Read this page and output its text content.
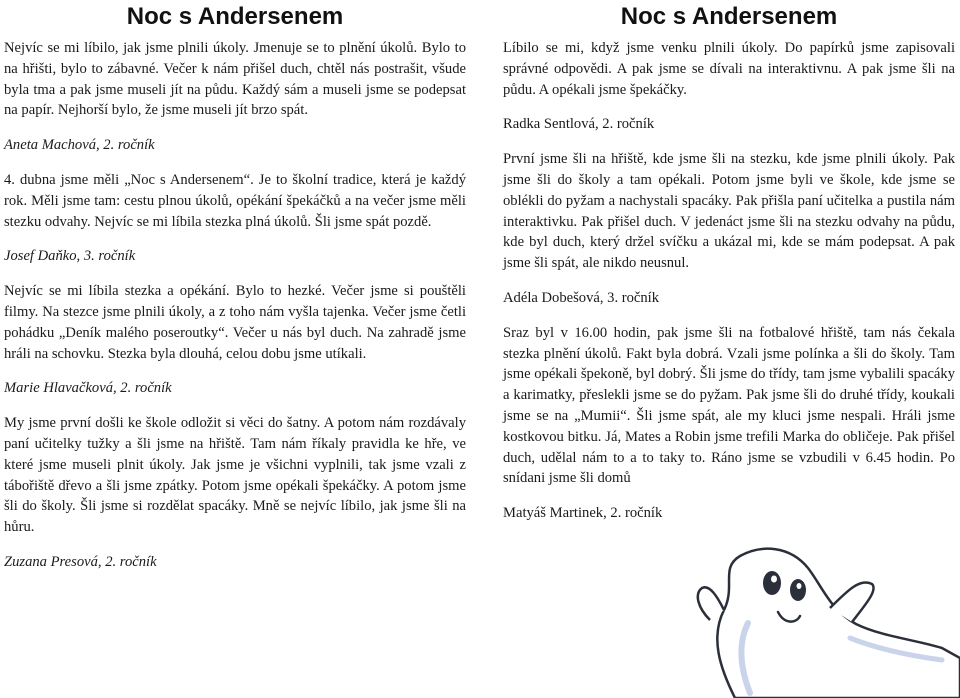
Noc s Andersenem

Nejvíc se mi líbilo, jak jsme plnili úkoly. Jmenuje se to plnění úkolů. Bylo to na hřišti, bylo to zábavné. Večer k nám přišel duch, chtěl nás postrašit, všude byla tma a pak jsme museli jít na půdu. Každý sám a museli jsme se podepsat na papír. Nejhorší bylo, že jsme museli jít brzo spát.

Aneta Machová, 2. ročník

4. dubna jsme měli „Noc s Andersenem“. Je to školní tradice, která je každý rok. Měli jsme tam: cestu plnou úkolů, opékání špekáčků a na večer jsme měli stezku odvahy. Nejvíc se mi líbila stezka plná úkolů. Šli jsme spát pozdě.

Josef Daňko, 3. ročník

Nejvíc se mi líbila stezka a opékání. Bylo to hezké. Večer jsme si pouštěli filmy. Na stezce jsme plnili úkoly, a z toho nám vyšla tajenka. Večer jsme četli pohádku „Deník malého poseroutky“. Večer u nás byl duch. Na zahradě jsme hráli na schovku. Stezka byla dlouhá, celou dobu jsme utíkali.

Marie Hlavačková, 2. ročník

My jsme první došli ke škole odložit si věci do šatny. A potom nám rozdávaly paní učitelky tužky a šli jsme na hřiště. Tam nám říkaly pravidla ke hře, ve které jsme museli plnit úkoly. Jak jsme je všichni vyplnili, tak jsme vzali z tábořiště dřevo a šli jsme zpátky. Potom jsme opékali špekáčky. A potom jsme šli do školy. Šli jsme si rozdělat spacáky. Mně se nejvíc líbilo, jak jsme šli na hůru.

Zuzana Presová, 2. ročník

Noc s Andersenem

Líbilo se mi, když jsme venku plnili úkoly. Do papírků jsme zapisovali správné odpovědi. A pak jsme se dívali na interaktivnu. A pak jsme šli na půdu. A opékali jsme špekáčky.

Radka Sentlová, 2. ročník

První jsme šli na hřiště, kde jsme šli na stezku, kde jsme plnili úkoly. Pak jsme šli do školy a tam opékali. Potom jsme byli ve škole, kde jsme se oblékli do pyžam a nachystali spacáky. Pak přišla paní učitelka a pustila nám interaktivku. Pak přišel duch. V jedenáct jsme šli na stezku odvahy na půdu, kde byl duch, který držel svíčku a ukázal mi, kde se mám podepsat. A pak jsme šli spát, ale nikdo neusnul.

Adéla Dobešová, 3. ročník

Sraz byl v 16.00 hodin, pak jsme šli na fotbalové hřiště, tam nás čekala stezka plnění úkolů. Fakt byla dobrá. Vzali jsme polínka a šli do školy. Tam jsme opékali špekoně, byl dobrý. Šli jsme do třídy, tam jsme vybalili spacáky a karimatky, přeslekli jsme se do pyžam. Pak jsme šli do druhé třídy, koukali jsme se na „Mumii“. Šli jsme spát, ale my kluci jsme nespali. Hráli jsme kostkovou bitku. Já, Mates a Robin jsme trefili Marka do obličeje. Pak přišel duch, udělal nám to a to taky to. Ráno jsme se vzbudili v 6.45 hodin. Po snídani jsme šli domů

Matyáš Martinek, 2. ročník
